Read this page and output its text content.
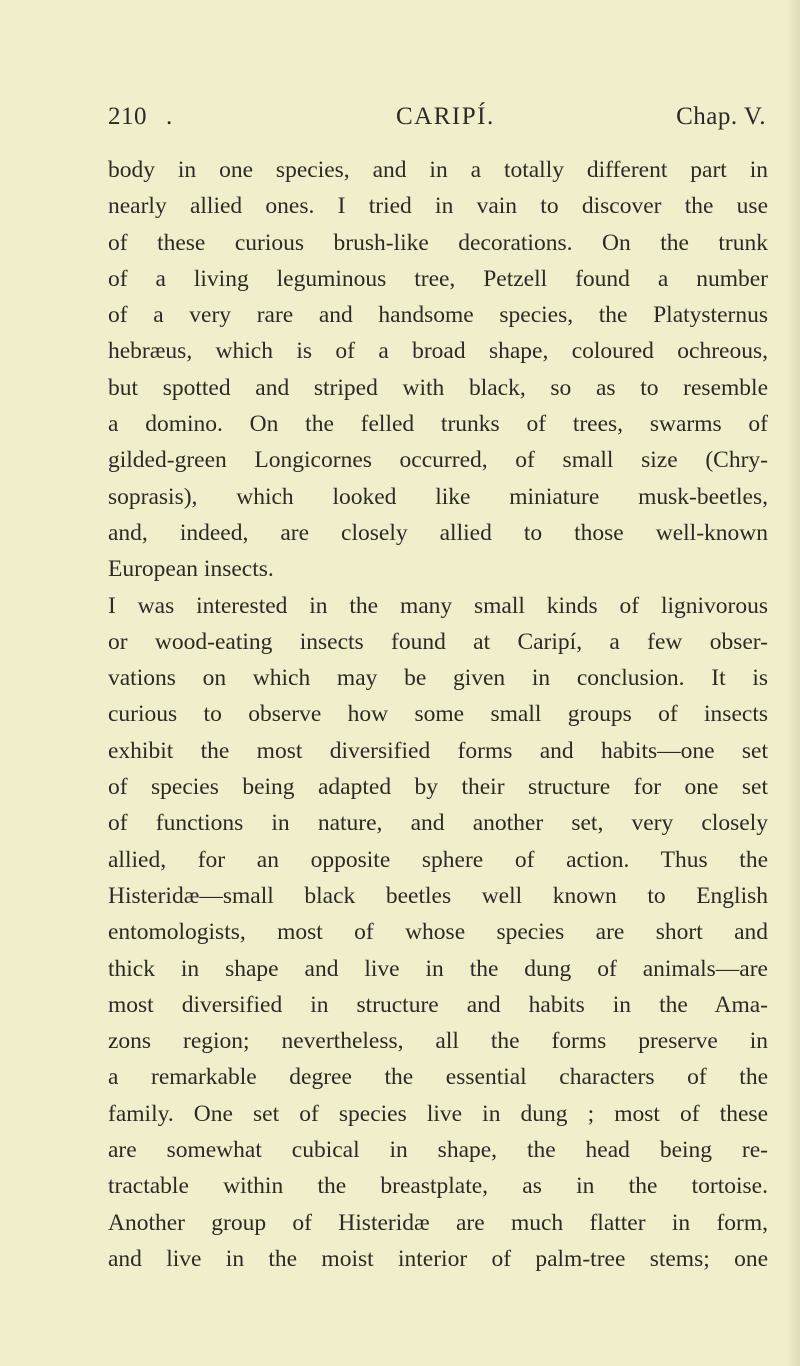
210 .	CARIPÍ.	Chap. V.
body in one species, and in a totally different part in
nearly allied ones. I tried in vain to discover the use
of these curious brush-like decorations. On the trunk
of a living leguminous tree, Petzell found a number
of a very rare and handsome species, the Platysternus
hebræus, which is of a broad shape, coloured ochreous,
but spotted and striped with black, so as to resemble
a domino. On the felled trunks of trees, swarms of
gilded-green Longicornes occurred, of small size (Chry-
soprasis), which looked like miniature musk-beetles,
and, indeed, are closely allied to those well-known
European insects.
I was interested in the many small kinds of lignivorous
or wood-eating insects found at Caripí, a few obser-
vations on which may be given in conclusion. It is
curious to observe how some small groups of insects
exhibit the most diversified forms and habits—one set
of species being adapted by their structure for one set
of functions in nature, and another set, very closely
allied, for an opposite sphere of action. Thus the
Histeridæ—small black beetles well known to English
entomologists, most of whose species are short and
thick in shape and live in the dung of animals—are
most diversified in structure and habits in the Ama-
zons region; nevertheless, all the forms preserve in
a remarkable degree the essential characters of the
family. One set of species live in dung ; most of these
are somewhat cubical in shape, the head being re-
tractable within the breastplate, as in the tortoise.
Another group of Histeridæ are much flatter in form,
and live in the moist interior of palm-tree stems; one
